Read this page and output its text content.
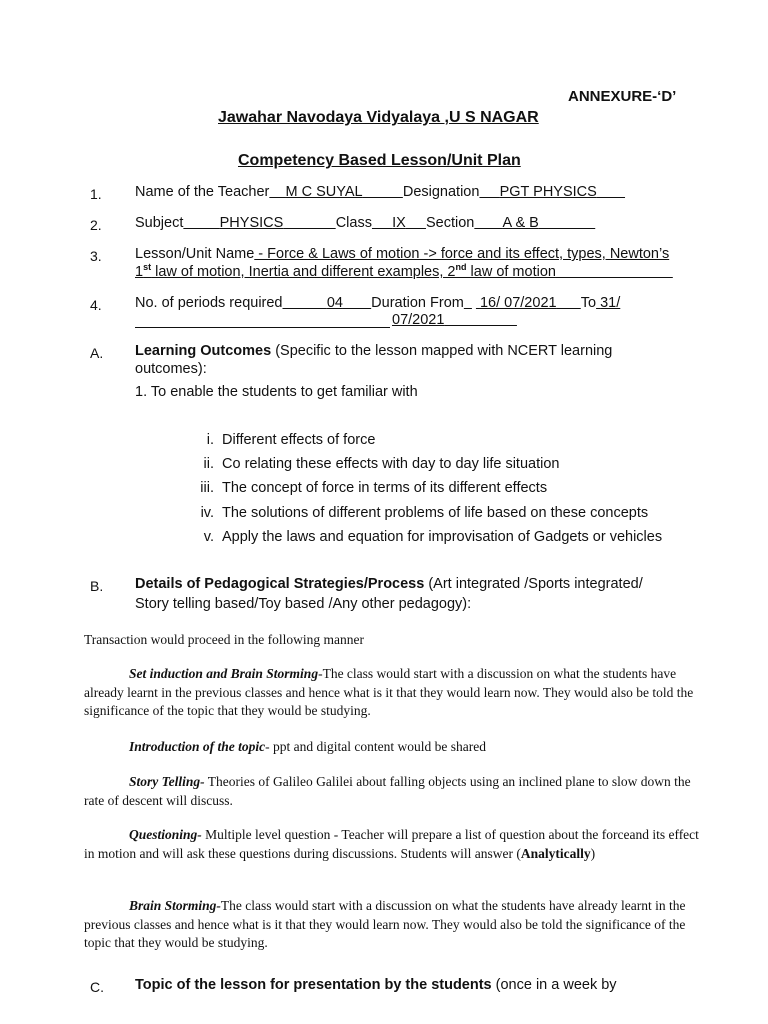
ANNEXURE-‘D’
Jawahar Navodaya Vidyalaya ,U S NAGAR
Competency Based Lesson/Unit Plan
1. Name of the Teacher M C SUYAL	Designation PGT PHYSICS
2. Subject	PHYSICS	Class IX Section A & B
3. Lesson/Unit Name - Force & Laws of motion -> force and its effect, types, Newton’s
1st law of motion, Inertia and different examples, 2nd law of motion
4. No. of periods required	04 Duration From 16/ 07/2021 To 31/
07/2021
A. Learning Outcomes (Specific to the lesson mapped with NCERT learning
outcomes):
1. To enable the students to get familiar with
i. Different effects of force
ii. Co relating these effects with day to day life situation
iii. The concept of force in terms of its different effects
iv. The solutions of different problems of life based on these concepts
v. Apply the laws and equation for improvisation of Gadgets or vehicles
B. Details of Pedagogical Strategies/Process (Art integrated /Sports integrated/
Story telling based/Toy based /Any other pedagogy):
Transaction would proceed in the following manner
Set induction and Brain Storming-The class would start with a discussion on what the students have already learnt in the previous classes and hence what is it that they would learn now. They would also be told the significance of the topic that they would be studying.
Introduction of the topic- ppt and digital content would be shared
Story Telling- Theories of Galileo Galilei about falling objects using an inclined plane to slow down the rate of descent will discuss.
Questioning- Multiple level question - Teacher will prepare a list of question about the forceand its effect in motion and will ask these questions during discussions. Students will answer (Analytically)
Brain Storming-The class would start with a discussion on what the students have already learnt in the previous classes and hence what is it that they would learn now. They would also be told the significance of the topic that they would be studying.
C. Topic of the lesson for presentation by the students (once in a week by
